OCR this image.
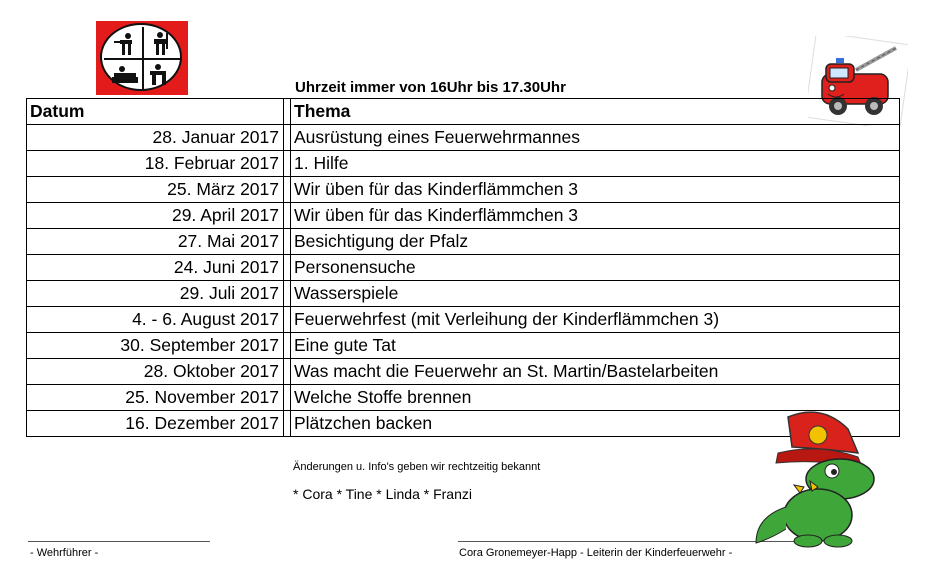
Uhrzeit immer von 16Uhr bis 17.30Uhr
Datum		Thema
28. Januar 2017		Ausrüstung eines Feuerwehrmannes
18. Februar 2017		1. Hilfe
25. März 2017		Wir üben für das Kinderflämmchen 3
29. April 2017		Wir üben für das Kinderflämmchen 3
27. Mai 2017		Besichtigung der Pfalz
24. Juni 2017		Personensuche
29. Juli 2017		Wasserspiele
4. - 6. August 2017		Feuerwehrfest (mit Verleihung der Kinderflämmchen 3)
30. September 2017		Eine gute Tat
28. Oktober 2017		Was macht die Feuerwehr an St. Martin/Bastelarbeiten
25. November 2017		Welche Stoffe brennen
16. Dezember 2017		Plätzchen backen
Änderungen u. Info's geben wir rechtzeitig bekannt
* Cora * Tine * Linda * Franzi
- Wehrführer -	Cora Gronemeyer-Happ - Leiterin der Kinderfeuerwehr -
